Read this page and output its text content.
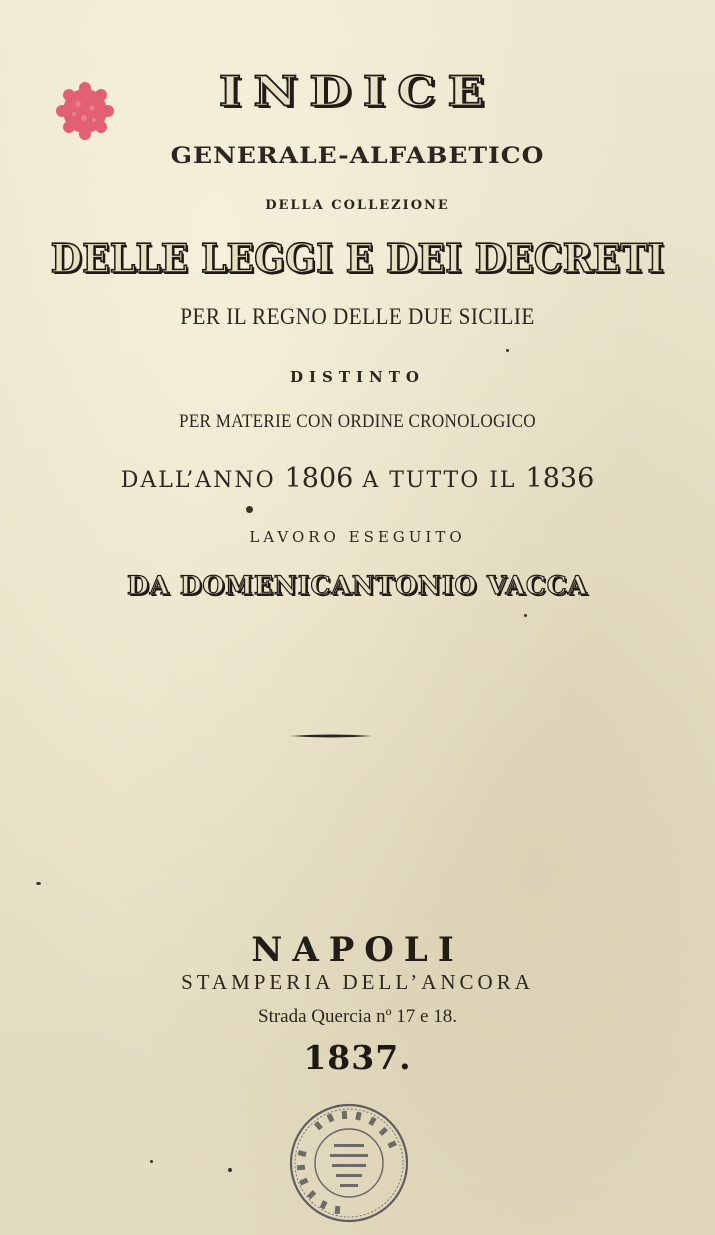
INDICE
GENERALE-ALFABETICO
DELLA COLLEZIONE
DELLE LEGGI E DEI DECRETI
PER IL REGNO DELLE DUE SICILIE
DISTINTO
PER MATERIE CON ORDINE CRONOLOGICO
DALL’ANNO 1806 A TUTTO IL 1836
LAVORO ESEGUITO
DA DOMENICANTONIO VACCA
NAPOLI
STAMPERIA DELL’ANCORA
Strada Quercia nº 17 e 18.
1837.
